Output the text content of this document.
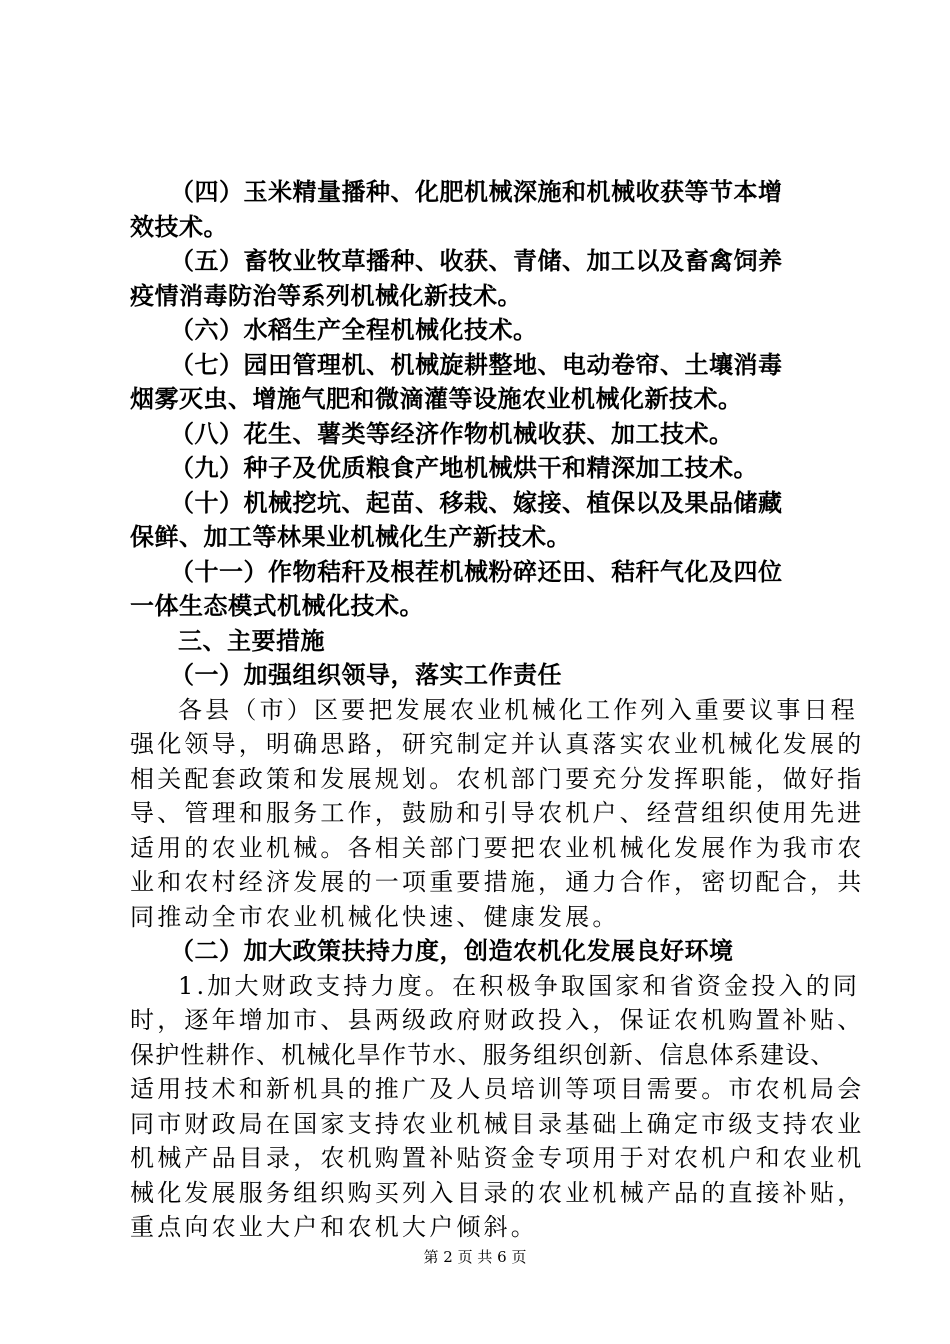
（四）玉米精量播种、化肥机械深施和机械收获等节本增
效技术。
（五）畜牧业牧草播种、收获、青储、加工以及畜禽饲养
疫情消毒防治等系列机械化新技术。
（六）水稻生产全程机械化技术。
（七）园田管理机、机械旋耕整地、电动卷帘、土壤消毒
烟雾灭虫、增施气肥和微滴灌等设施农业机械化新技术。
（八）花生、薯类等经济作物机械收获、加工技术。
（九）种子及优质粮食产地机械烘干和精深加工技术。
（十）机械挖坑、起苗、移栽、嫁接、植保以及果品储藏
保鲜、加工等林果业机械化生产新技术。
（十一）作物秸秆及根茬机械粉碎还田、秸秆气化及四位
一体生态模式机械化技术。
三、主要措施
（一）加强组织领导，落实工作责任
各县（市）区要把发展农业机械化工作列入重要议事日程
强化领导，明确思路，研究制定并认真落实农业机械化发展的
相关配套政策和发展规划。农机部门要充分发挥职能，做好指
导、管理和服务工作，鼓励和引导农机户、经营组织使用先进
适用的农业机械。各相关部门要把农业机械化发展作为我市农
业和农村经济发展的一项重要措施，通力合作，密切配合，共
同推动全市农业机械化快速、健康发展。
（二）加大政策扶持力度，创造农机化发展良好环境
1.加大财政支持力度。在积极争取国家和省资金投入的同
时，逐年增加市、县两级政府财政投入，保证农机购置补贴、
保护性耕作、机械化旱作节水、服务组织创新、信息体系建设、
适用技术和新机具的推广及人员培训等项目需要。市农机局会
同市财政局在国家支持农业机械目录基础上确定市级支持农业
机械产品目录，农机购置补贴资金专项用于对农机户和农业机
械化发展服务组织购买列入目录的农业机械产品的直接补贴，
重点向农业大户和农机大户倾斜。
第 2 页 共 6 页
